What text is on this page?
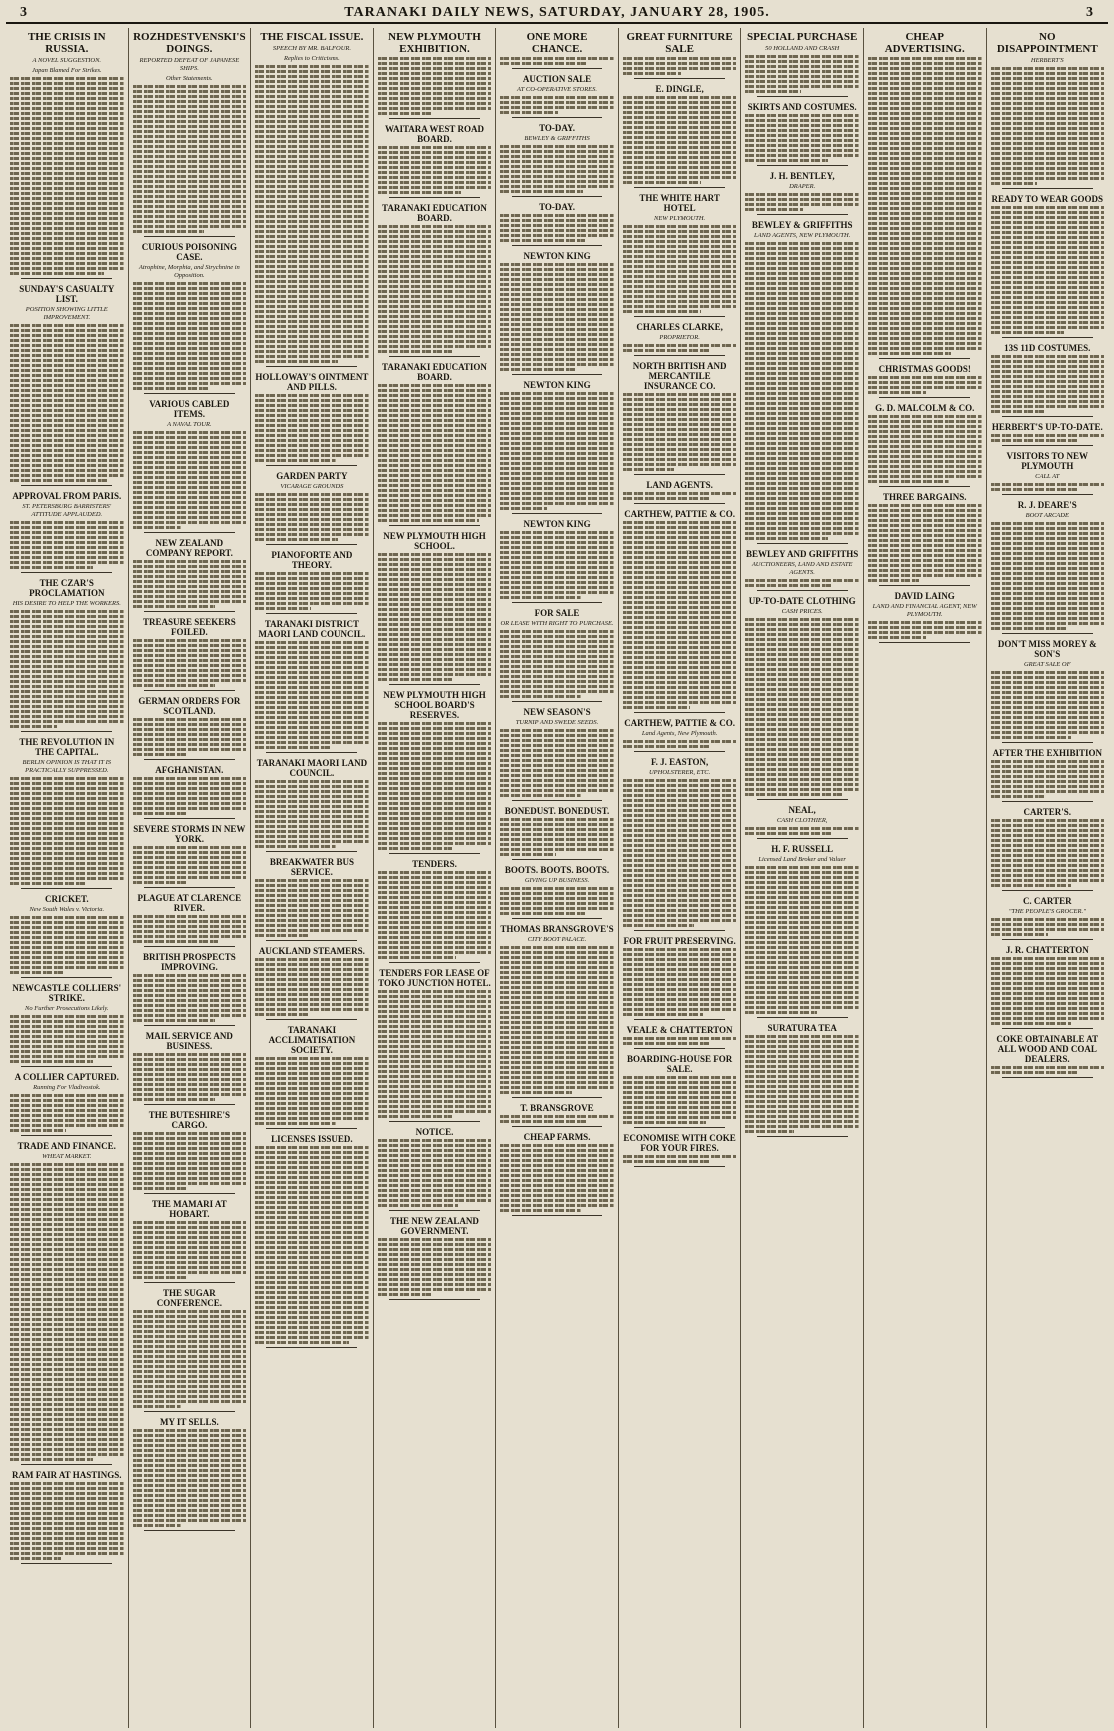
3	TARANAKI DAILY NEWS, SATURDAY, JANUARY 28, 1905.	3
THE CRISIS IN RUSSIA.
A NOVEL SUGGESTION.
Japan Blamed For Strikes.
SUNDAY'S CASUALTY LIST.
POSITION SHOWING LITTLE IMPROVEMENT.
APPROVAL FROM PARIS.
ST. PETERSBURG BARRISTERS' ATTITUDE APPLAUDED.
THE CZAR'S PROCLAMATION
HIS DESIRE TO HELP THE WORKERS.
THE REVOLUTION IN THE CAPITAL.
BERLIN OPINION IS THAT IT IS PRACTICALLY SUPPRESSED.
CRICKET.
New South Wales v. Victoria.
NEWCASTLE COLLIERS' STRIKE.
No Further Prosecutions Likely.
A COLLIER CAPTURED.
Running For Vladivostok.
TRADE AND FINANCE.
WHEAT MARKET.
RAM FAIR AT HASTINGS.
ROZHDESTVENSKI'S DOINGS.
REPORTED DEFEAT OF JAPANESE SHIPS.
Other Statements.
CURIOUS POISONING CASE.
Atrophine, Morphia, and Strychnine in Opposition.
VARIOUS CABLED ITEMS.
A NAVAL TOUR.
NEW ZEALAND COMPANY REPORT.
TREASURE SEEKERS FOILED.
GERMAN ORDERS FOR SCOTLAND.
AFGHANISTAN.
SEVERE STORMS IN NEW YORK.
PLAGUE AT CLARENCE RIVER.
BRITISH PROSPECTS IMPROVING.
MAIL SERVICE AND BUSINESS.
THE BUTESHIRE'S CARGO.
THE MAMARI AT HOBART.
THE SUGAR CONFERENCE.
MY IT SELLS.
THE FISCAL ISSUE.
SPEECH BY MR. BALFOUR.
Replies to Criticisms.
HOLLOWAY'S OINTMENT AND PILLS.
GARDEN PARTY
VICARAGE GROUNDS
PIANOFORTE AND THEORY.
TARANAKI DISTRICT MAORI LAND COUNCIL.
TARANAKI MAORI LAND COUNCIL.
BREAKWATER BUS SERVICE.
AUCKLAND STEAMERS.
TARANAKI ACCLIMATISATION SOCIETY.
LICENSES ISSUED.
NEW PLYMOUTH EXHIBITION.
WAITARA WEST ROAD BOARD.
TARANAKI EDUCATION BOARD.
TARANAKI EDUCATION BOARD.
NEW PLYMOUTH HIGH SCHOOL.
NEW PLYMOUTH HIGH SCHOOL BOARD'S RESERVES.
TENDERS.
TENDERS FOR LEASE OF TOKO JUNCTION HOTEL.
NOTICE.
THE NEW ZEALAND GOVERNMENT.
ONE MORE CHANCE.
AUCTION SALE
AT CO-OPERATIVE STORES.
TO-DAY.
BEWLEY & GRIFFITHS
TO-DAY.
NEWTON KING
NEWTON KING
NEWTON KING
FOR SALE
OR LEASE WITH RIGHT TO PURCHASE.
NEW SEASON'S
TURNIP AND SWEDE SEEDS.
BONEDUST. BONEDUST.
BOOTS. BOOTS. BOOTS.
GIVING UP BUSINESS.
THOMAS BRANSGROVE'S
CITY BOOT PALACE.
T. BRANSGROVE
CHEAP FARMS.
GREAT FURNITURE SALE
E. DINGLE,
THE WHITE HART HOTEL
NEW PLYMOUTH.
CHARLES CLARKE,
PROPRIETOR.
NORTH BRITISH AND MERCANTILE INSURANCE CO.
LAND AGENTS.
CARTHEW, PATTIE & CO.
CARTHEW, PATTIE & CO.
Land Agents, New Plymouth.
F. J. EASTON,
UPHOLSTERER, ETC.
FOR FRUIT PRESERVING.
VEALE & CHATTERTON
BOARDING-HOUSE FOR SALE.
ECONOMISE WITH COKE FOR YOUR FIRES.
SPECIAL PURCHASE
50 HOLLAND AND CRASH
SKIRTS AND COSTUMES.
J. H. BENTLEY,
DRAPER.
BEWLEY & GRIFFITHS
LAND AGENTS, NEW PLYMOUTH.
BEWLEY AND GRIFFITHS
AUCTIONEERS, LAND AND ESTATE AGENTS.
UP-TO-DATE CLOTHING
CASH PRICES.
NEAL,
CASH CLOTHIER,
H. F. RUSSELL
Licensed Land Broker and Valuer
SURATURA TEA
CHEAP ADVERTISING.
CHRISTMAS GOODS!
G. D. MALCOLM & CO.
THREE BARGAINS.
DAVID LAING
LAND AND FINANCIAL AGENT, NEW PLYMOUTH.
NO DISAPPOINTMENT
HERBERT'S
READY TO WEAR GOODS
13S 11D COSTUMES.
HERBERT'S UP-TO-DATE.
VISITORS TO NEW PLYMOUTH
CALL AT
R. J. DEARE'S
BOOT ARCADE
DON'T MISS MOREY & SON'S
GREAT SALE OF
AFTER THE EXHIBITION
CARTER'S.
C. CARTER
"THE PEOPLE'S GROCER."
J. R. CHATTERTON
COKE OBTAINABLE AT ALL WOOD AND COAL DEALERS.
